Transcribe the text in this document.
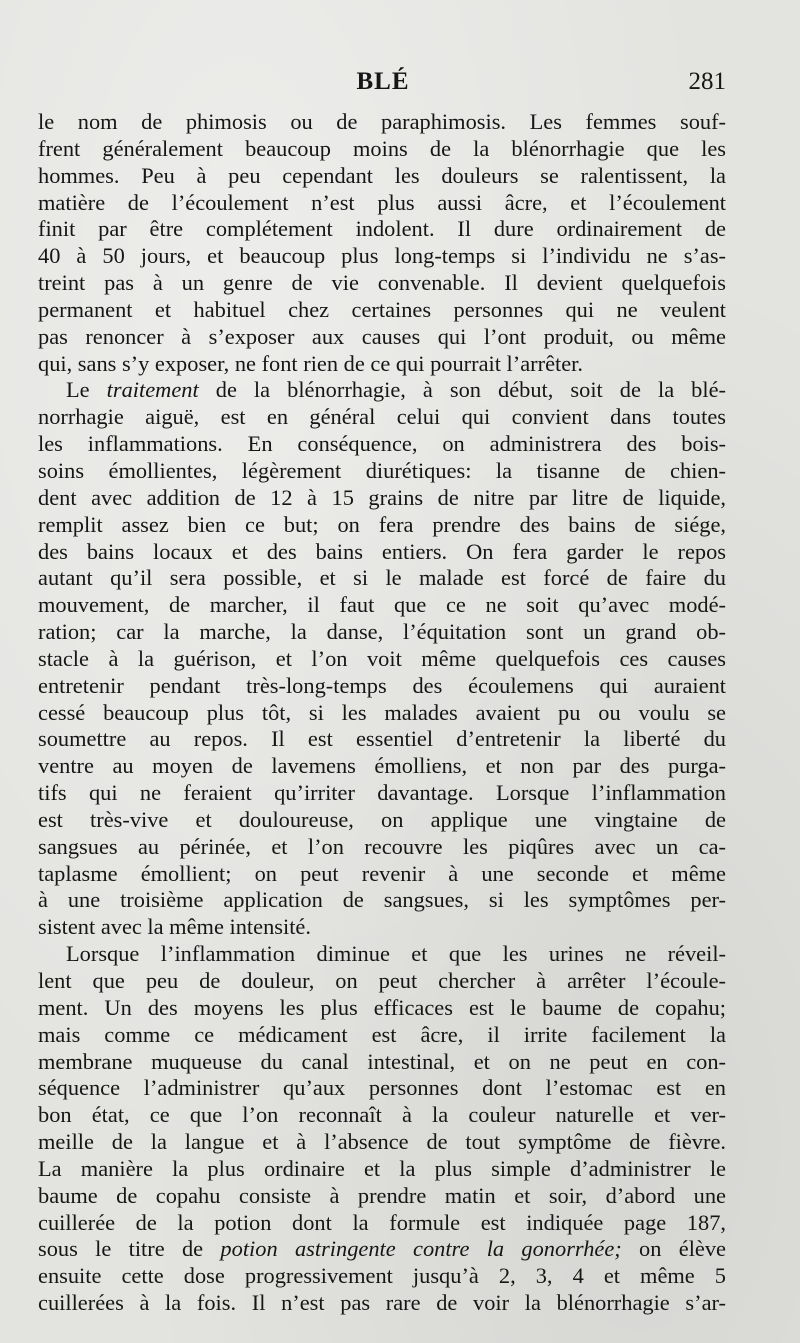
BLÉ	281
le nom de phimosis ou de paraphimosis. Les femmes souf-
frent généralement beaucoup moins de la blénorrhagie que les
hommes. Peu à peu cependant les douleurs se ralentissent, la
matière de l’écoulement n’est plus aussi âcre, et l’écoulement
finit par être complétement indolent. Il dure ordinairement de
40 à 50 jours, et beaucoup plus long-temps si l’individu ne s’as-
treint pas à un genre de vie convenable. Il devient quelquefois
permanent et habituel chez certaines personnes qui ne veulent
pas renoncer à s’exposer aux causes qui l’ont produit, ou même
qui, sans s’y exposer, ne font rien de ce qui pourrait l’arrêter.
Le traitement de la blénorrhagie, à son début, soit de la blé-
norrhagie aiguë, est en général celui qui convient dans toutes
les inflammations. En conséquence, on administrera des bois-
soins émollientes, légèrement diurétiques: la tisanne de chien-
dent avec addition de 12 à 15 grains de nitre par litre de liquide,
remplit assez bien ce but; on fera prendre des bains de siége,
des bains locaux et des bains entiers. On fera garder le repos
autant qu’il sera possible, et si le malade est forcé de faire du
mouvement, de marcher, il faut que ce ne soit qu’avec modé-
ration; car la marche, la danse, l’équitation sont un grand ob-
stacle à la guérison, et l’on voit même quelquefois ces causes
entretenir pendant très-long-temps des écoulemens qui auraient
cessé beaucoup plus tôt, si les malades avaient pu ou voulu se
soumettre au repos. Il est essentiel d’entretenir la liberté du
ventre au moyen de lavemens émolliens, et non par des purga-
tifs qui ne feraient qu’irriter davantage. Lorsque l’inflammation
est très-vive et douloureuse, on applique une vingtaine de
sangsues au périnée, et l’on recouvre les piqûres avec un ca-
taplasme émollient; on peut revenir à une seconde et même
à une troisième application de sangsues, si les symptômes per-
sistent avec la même intensité.
Lorsque l’inflammation diminue et que les urines ne réveil-
lent que peu de douleur, on peut chercher à arrêter l’écoule-
ment. Un des moyens les plus efficaces est le baume de copahu;
mais comme ce médicament est âcre, il irrite facilement la
membrane muqueuse du canal intestinal, et on ne peut en con-
séquence l’administrer qu’aux personnes dont l’estomac est en
bon état, ce que l’on reconnaît à la couleur naturelle et ver-
meille de la langue et à l’absence de tout symptôme de fièvre.
La manière la plus ordinaire et la plus simple d’administrer le
baume de copahu consiste à prendre matin et soir, d’abord une
cuillerée de la potion dont la formule est indiquée page 187,
sous le titre de potion astringente contre la gonorrhée; on élève
ensuite cette dose progressivement jusqu’à 2, 3, 4 et même 5
cuillerées à la fois. Il n’est pas rare de voir la blénorrhagie s’ar-
